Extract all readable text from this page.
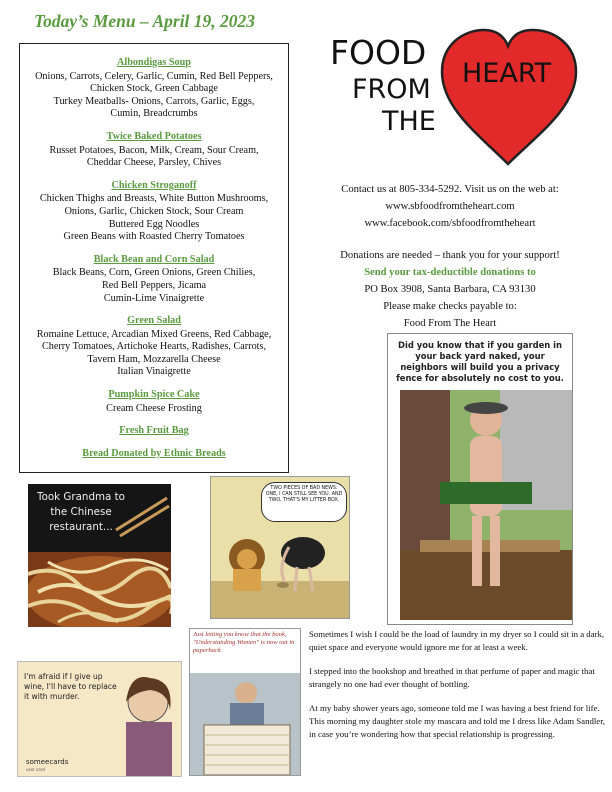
Today’s Menu – April 19, 2023
Albondigas Soup
Onions, Carrots, Celery, Garlic, Cumin, Red Bell Peppers,
Chicken Stock, Green Cabbage
Turkey Meatballs- Onions, Carrots, Garlic, Eggs,
Cumin, Breadcrumbs
Twice Baked Potatoes
Russet Potatoes, Bacon, Milk, Cream, Sour Cream,
Cheddar Cheese, Parsley, Chives
Chicken Stroganoff
Chicken Thighs and Breasts, White Button Mushrooms,
Onions, Garlic, Chicken Stock, Sour Cream
Buttered Egg Noodles
Green Beans with Roasted Cherry Tomatoes
Black Bean and Corn Salad
Black Beans, Corn, Green Onions, Green Chilies,
Red Bell Peppers, Jicama
Cumin-Lime Vinaigrette
Green Salad
Romaine Lettuce, Arcadian Mixed Greens, Red Cabbage,
Cherry Tomatoes, Artichoke Hearts, Radishes, Carrots,
Tavern Ham, Mozzarella Cheese
Italian Vinaigrette
Pumpkin Spice Cake
Cream Cheese Frosting
Fresh Fruit Bag
Bread Donated by Ethnic Breads
FOOD
FROM
THE
HEART
Contact us at 805-334-5292. Visit us on the web at:
www.sbfoodfromtheheart.com
www.facebook.com/sbfoodfromtheheart
Donations are needed – thank you for your support!
Send your tax-deductible donations to
PO Box 3908, Santa Barbara, CA 93130
Please make checks payable to:
Food From The Heart
Took Grandma to the Chinese restaurant...
TWO PIECES OF BAD NEWS: ONE, I CAN STILL SEE YOU. AND TWO, THAT'S MY LITTER BOX.
Did you know that if you garden in your back yard naked, your neighbors will build you a privacy fence for absolutely no cost to you.
I'm afraid if I give up wine, I'll have to replace it with murder.
someecards
user card
Just letting you know that the book, "Understanding Women" is now out in paperback

Sometimes I wish I could be the load of laundry in my dryer so I could sit in a dark, quiet space and everyone would ignore me for at least a week.

I stepped into the bookshop and breathed in that perfume of paper and magic that strangely no one had ever thought of bottling.

At my baby shower years ago, someone told me I was having a best friend for life. This morning my daughter stole my mascara and told me I dress like Adam Sandler, in case you’re wondering how that special relationship is progressing.
